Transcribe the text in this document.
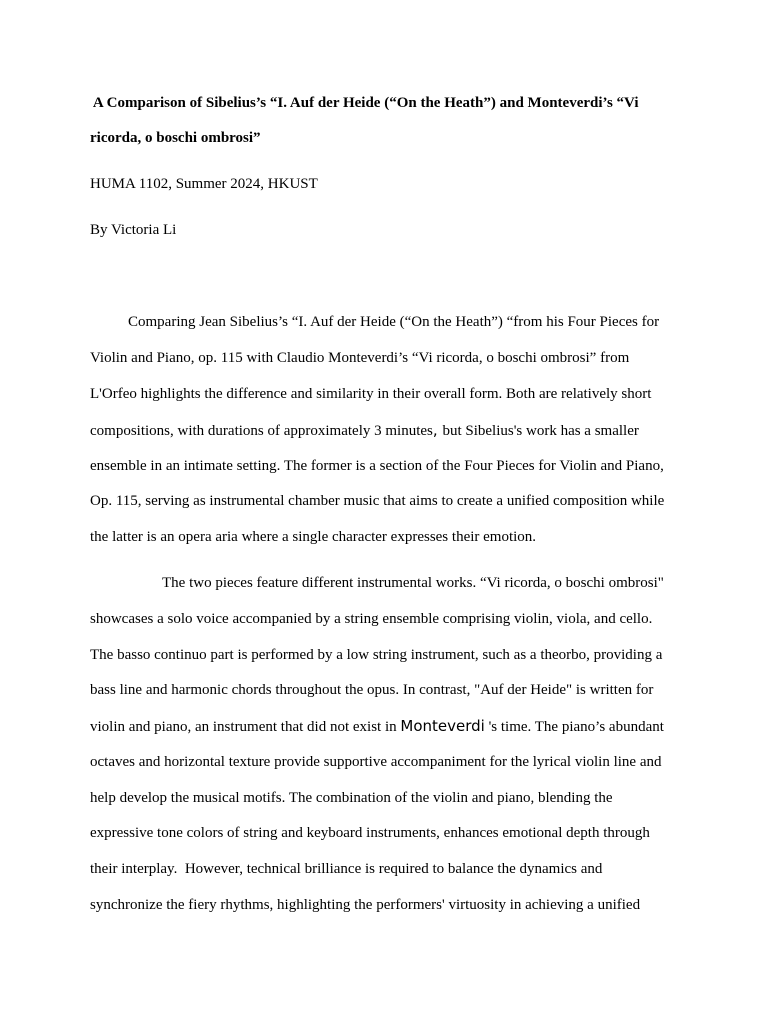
A Comparison of Sibelius’s “I. Auf der Heide (“On the Heath”) and Monteverdi’s “Vi
ricorda, o boschi ombrosi”
HUMA 1102, Summer 2024, HKUST
By Victoria Li
Comparing Jean Sibelius’s “I. Auf der Heide (“On the Heath”) “from his Four Pieces for
Violin and Piano, op. 115 with Claudio Monteverdi’s “Vi ricorda, o boschi ombrosi” from
L'Orfeo highlights the difference and similarity in their overall form. Both are relatively short
compositions, with durations of approximately 3 minutes, but Sibelius's work has a smaller
ensemble in an intimate setting. The former is a section of the Four Pieces for Violin and Piano,
Op. 115, serving as instrumental chamber music that aims to create a unified composition while
the latter is an opera aria where a single character expresses their emotion.
The two pieces feature different instrumental works. “Vi ricorda, o boschi ombrosi"
showcases a solo voice accompanied by a string ensemble comprising violin, viola, and cello.
The basso continuo part is performed by a low string instrument, such as a theorbo, providing a
bass line and harmonic chords throughout the opus. In contrast, "Auf der Heide" is written for
violin and piano, an instrument that did not exist in Monteverdi 's time. The piano’s abundant
octaves and horizontal texture provide supportive accompaniment for the lyrical violin line and
help develop the musical motifs. The combination of the violin and piano, blending the
expressive tone colors of string and keyboard instruments, enhances emotional depth through
their interplay.  However, technical brilliance is required to balance the dynamics and
synchronize the fiery rhythms, highlighting the performers' virtuosity in achieving a unified
